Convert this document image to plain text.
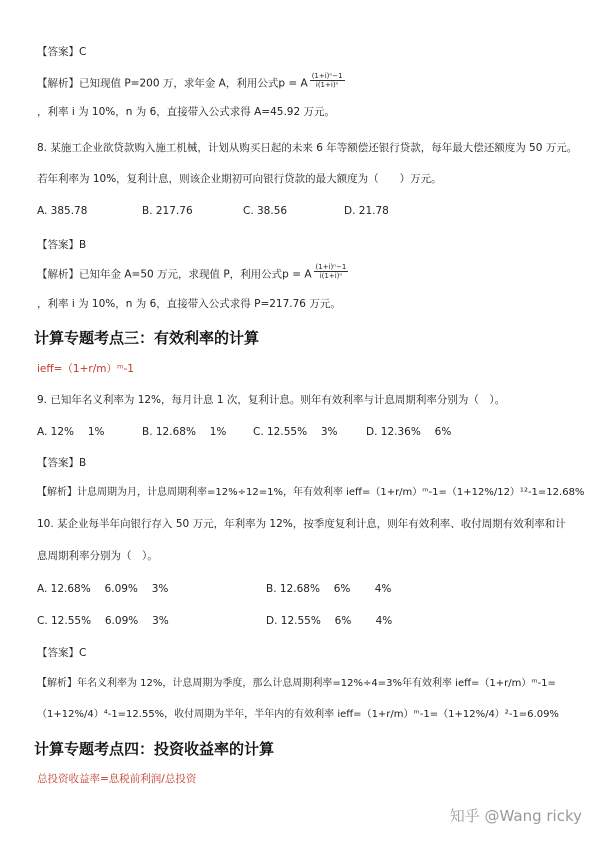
【答案】C
【解析】已知现值 P=200 万，求年金 A，利用公式p = A $\frac{\text{(1+i)ⁿ−1}}{\text{i(1+i)ⁿ}}$
，利率 i 为 10%，n 为 6，直接带入公式求得 A=45.92 万元。
8. 某施工企业欲贷款购入施工机械，计划从购买日起的未来 6 年等额偿还银行贷款，每年最大偿还额度为 50 万元。
若年利率为 10%，复利计息，则该企业期初可向银行贷款的最大额度为（　　）万元。
A. 385.78	B. 217.76	C. 38.56	D. 21.78
【答案】B
【解析】已知年金 A=50 万元，求现值 P，利用公式p = A $\frac{\text{(1+i)ⁿ−1}}{\text{i(1+i)ⁿ}}$
，利率 i 为 10%，n 为 6，直接带入公式求得 P=217.76 万元。
计算专题考点三：有效利率的计算
ieff=（1+r/m）ᵐ-1
9. 已知年名义利率为 12%，每月计息 1 次，复利计息。则年有效利率与计息周期利率分别为（　）。
A. 12%　 1%	B. 12.68%　 1%	C. 12.55%　 3%	D. 12.36%　 6%
【答案】B
【解析】计息周期为月，计息周期利率=12%÷12=1%，年有效利率 ieff=（1+r/m）ᵐ-1=（1+12%/12）¹²-1=12.68%
10. 某企业每半年向银行存入 50 万元，年利率为 12%，按季度复利计息，则年有效利率、收付周期有效利率和计
息周期利率分别为（　）。
A. 12.68%　 6.09%　 3%	B. 12.68%　 6%　　 4%
C. 12.55%　 6.09%　 3%	D. 12.55%　 6%　　 4%
【答案】C
【解析】年名义利率为 12%，计息周期为季度，那么计息周期利率=12%÷4=3%年有效利率 ieff=（1+r/m）ᵐ-1=
（1+12%/4）⁴-1=12.55%，收付周期为半年，半年内的有效利率 ieff=（1+r/m）ᵐ-1=（1+12%/4）²-1=6.09%
计算专题考点四：投资收益率的计算
总投资收益率=息税前利润/总投资
知乎 @Wang ricky
